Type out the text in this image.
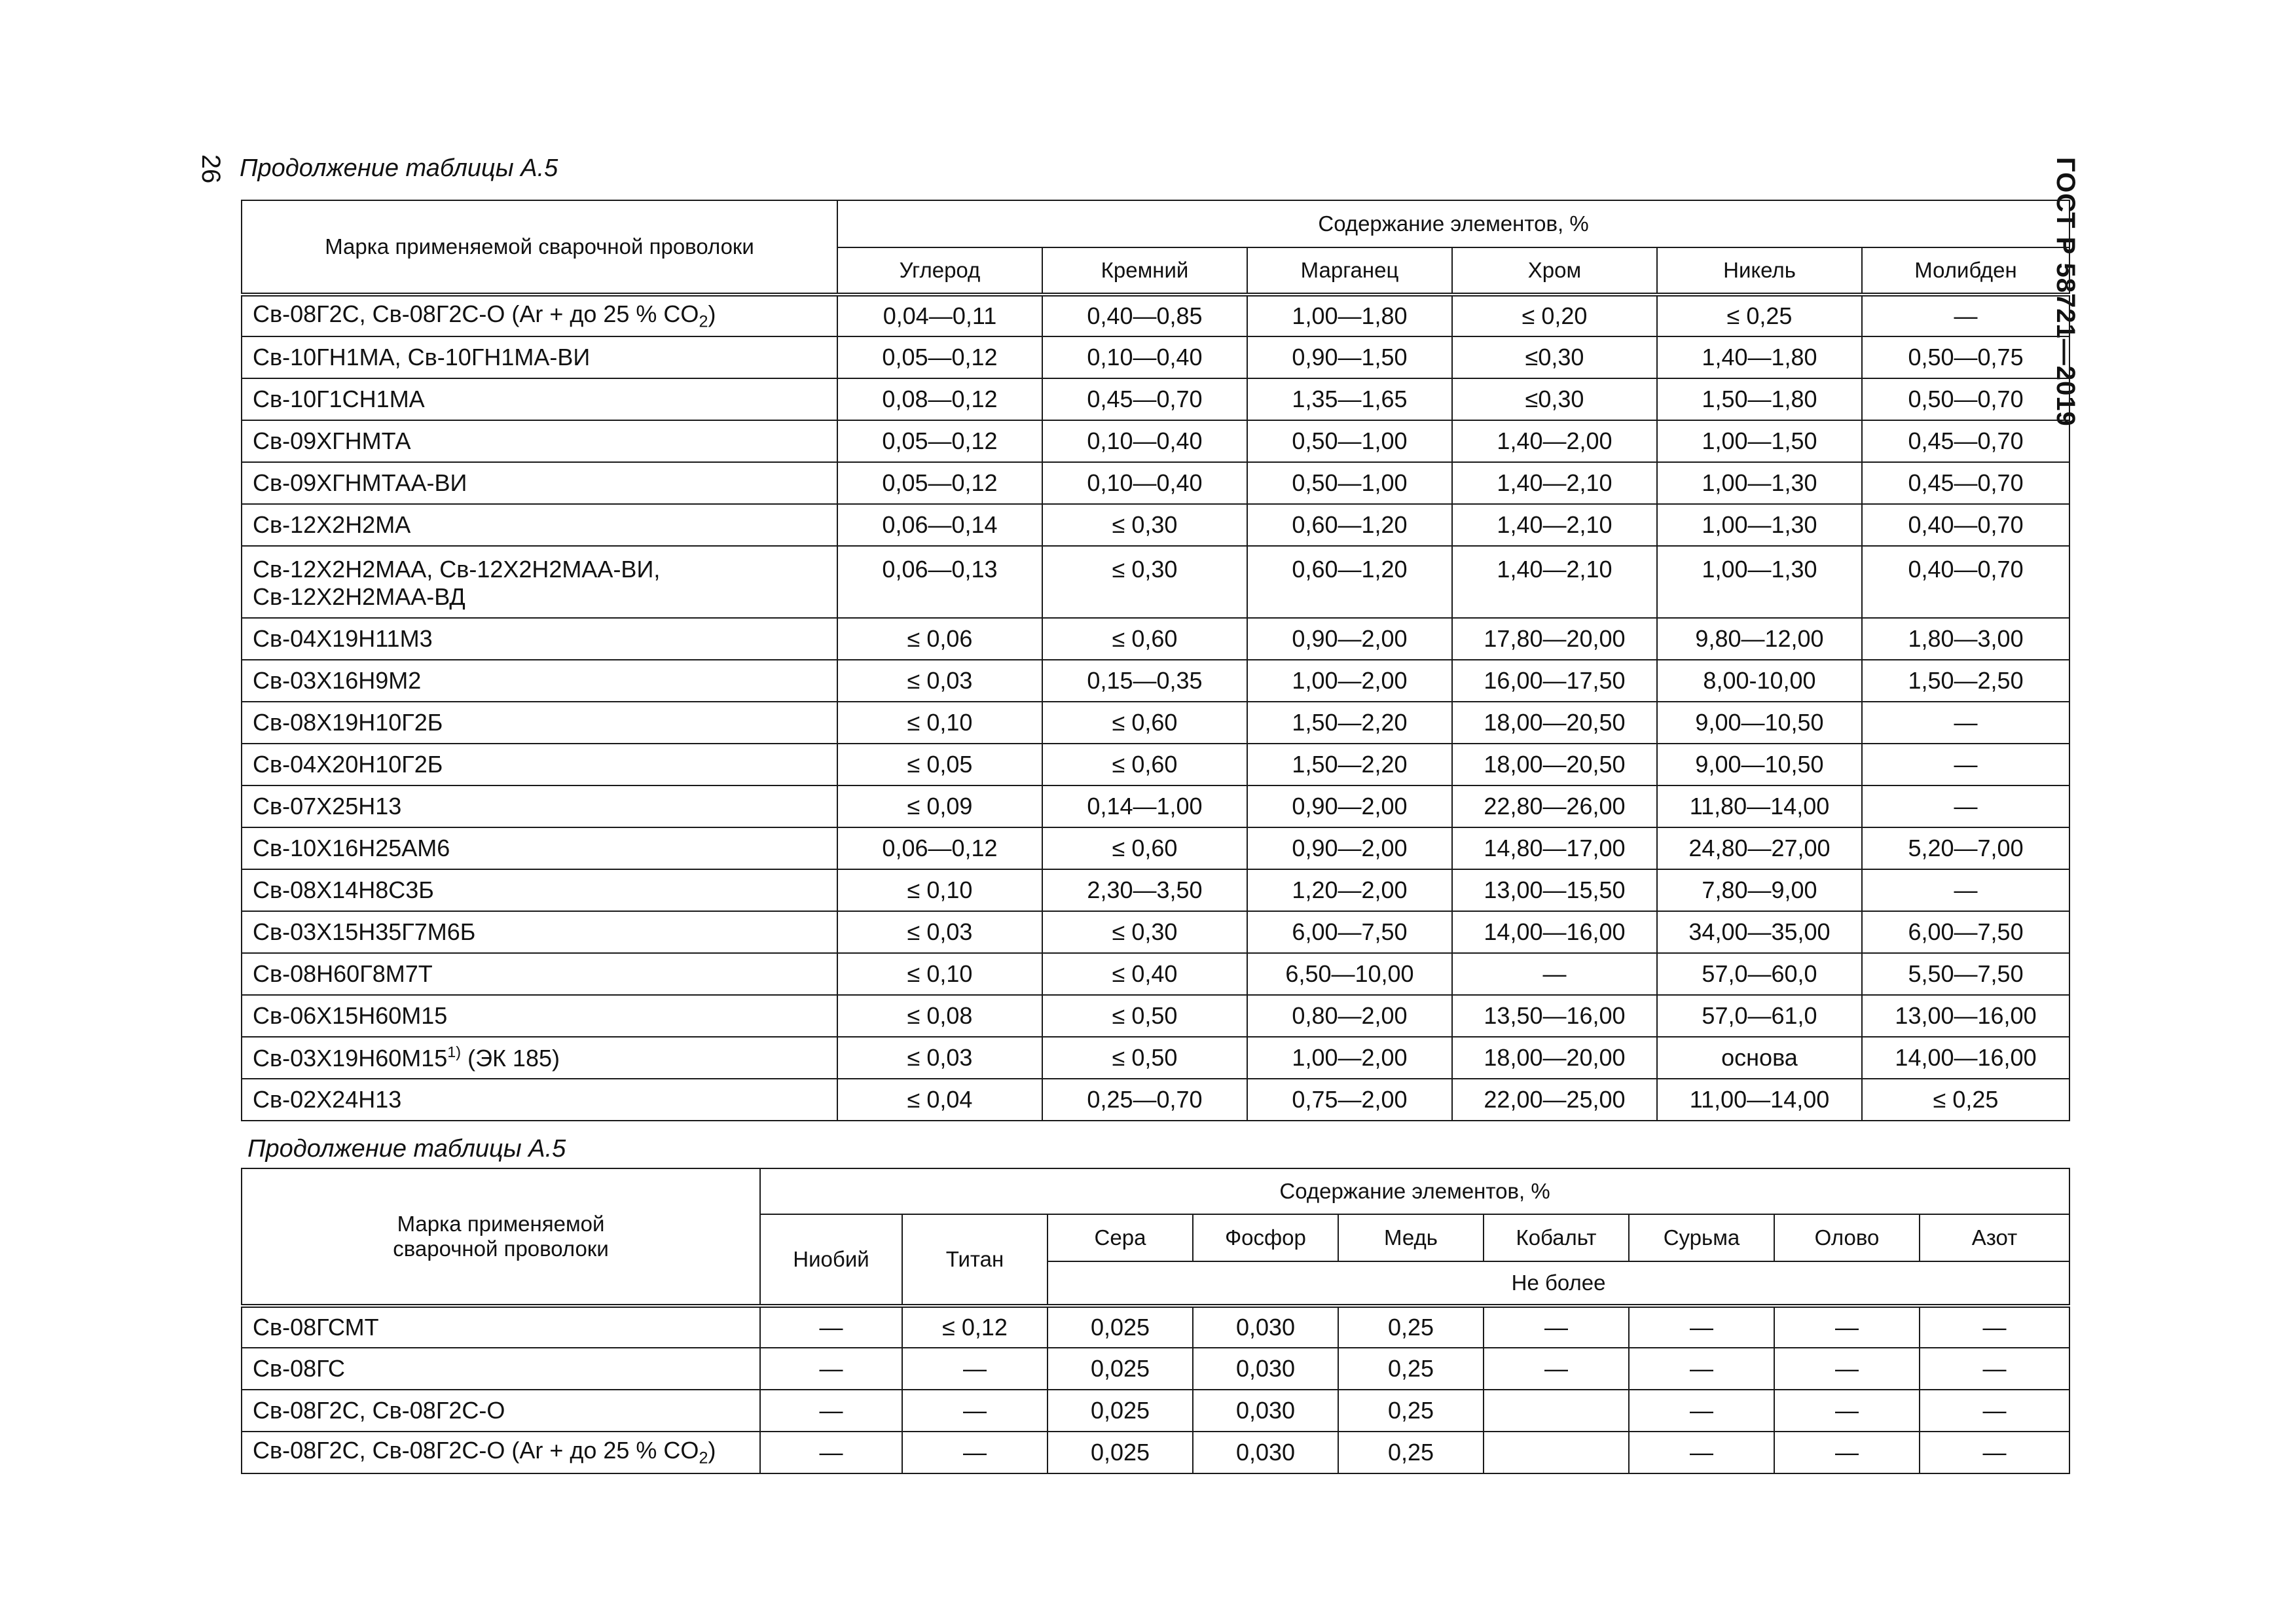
26	ГОСТ Р 58721—2019
Продолжение таблицы А.5
Марка применяемой сварочной проволоки	Содержание элементов, %					
	Углерод	Кремний	Марганец	Хром	Никель	Молибден
Св-08Г2С, Св-08Г2С-О (Ar + до 25 % $CO_2$)	0,04—0,11	0,40—0,85	1,00—1,80	≤ 0,20	≤ 0,25	—
Св-10ГН1МА, Св-10ГН1МА-ВИ	0,05—0,12	0,10—0,40	0,90—1,50	≤0,30	1,40—1,80	0,50—0,75
Св-10Г1СН1МА	0,08—0,12	0,45—0,70	1,35—1,65	≤0,30	1,50—1,80	0,50—0,70
Св-09ХГНМТА	0,05—0,12	0,10—0,40	0,50—1,00	1,40—2,00	1,00—1,50	0,45—0,70
Св-09ХГНМТАА-ВИ	0,05—0,12	0,10—0,40	0,50—1,00	1,40—2,10	1,00—1,30	0,45—0,70
Св-12Х2Н2МА	0,06—0,14	≤ 0,30	0,60—1,20	1,40—2,10	1,00—1,30	0,40—0,70
Св-12Х2Н2МАА, Св-12Х2Н2МАА-ВИ,
Св-12Х2Н2МАА-ВД	0,06—0,13	≤ 0,30	0,60—1,20	1,40—2,10	1,00—1,30	0,40—0,70
Св-04Х19Н11М3	≤ 0,06	≤ 0,60	0,90—2,00	17,80—20,00	9,80—12,00	1,80—3,00
Св-03Х16Н9М2	≤ 0,03	0,15—0,35	1,00—2,00	16,00—17,50	8,00-10,00	1,50—2,50
Св-08Х19Н10Г2Б	≤ 0,10	≤ 0,60	1,50—2,20	18,00—20,50	9,00—10,50	—
Св-04Х20Н10Г2Б	≤ 0,05	≤ 0,60	1,50—2,20	18,00—20,50	9,00—10,50	—
Св-07Х25Н13	≤ 0,09	0,14—1,00	0,90—2,00	22,80—26,00	11,80—14,00	—
Св-10Х16Н25АМ6	0,06—0,12	≤ 0,60	0,90—2,00	14,80—17,00	24,80—27,00	5,20—7,00
Св-08Х14Н8С3Б	≤ 0,10	2,30—3,50	1,20—2,00	13,00—15,50	7,80—9,00	—
Св-03Х15Н35Г7М6Б	≤ 0,03	≤ 0,30	6,00—7,50	14,00—16,00	34,00—35,00	6,00—7,50
Св-08Н60Г8М7Т	≤ 0,10	≤ 0,40	6,50—10,00	—	57,0—60,0	5,50—7,50
Св-06Х15Н60М15	≤ 0,08	≤ 0,50	0,80—2,00	13,50—16,00	57,0—61,0	13,00—16,00
Св-03Х19Н60М15$^{1)}$ (ЭК 185)	≤ 0,03	≤ 0,50	1,00—2,00	18,00—20,00	основа	14,00—16,00
Св-02Х24Н13	≤ 0,04	0,25—0,70	0,75—2,00	22,00—25,00	11,00—14,00	≤ 0,25
Продолжение таблицы А.5
Марка применяемой
сварочной проволоки	Содержание элементов, %								
	Ниобий	Титан	Сера	Фосфор	Медь	Кобальт	Сурьма	Олово	Азот
			Не более						
Св-08ГСМТ	—	≤ 0,12	0,025	0,030	0,25	—	—	—	—
Св-08ГС	—	—	0,025	0,030	0,25	—	—	—	—
Св-08Г2С, Св-08Г2С-О	—	—	0,025	0,030	0,25		—	—	—
Св-08Г2С, Св-08Г2С-О (Ar + до 25 % $CO_2$)	—	—	0,025	0,030	0,25		—	—	—
